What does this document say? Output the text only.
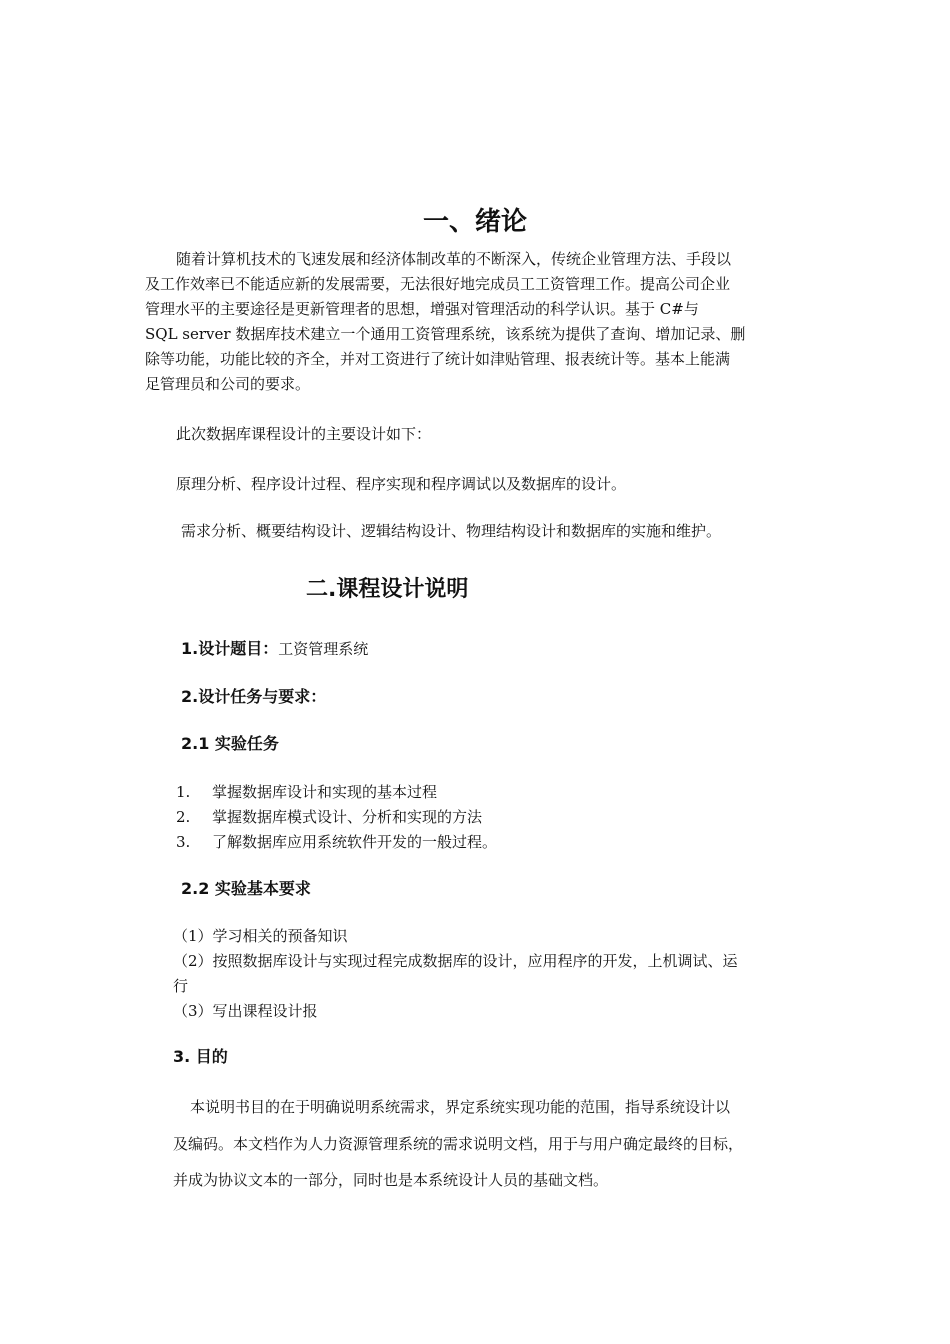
一、绪论
随着计算机技术的飞速发展和经济体制改革的不断深入，传统企业管理方法、手段以
及工作效率已不能适应新的发展需要，无法很好地完成员工工资管理工作。提高公司企业
管理水平的主要途径是更新管理者的思想，增强对管理活动的科学认识。基于 C#与
SQL server 数据库技术建立一个通用工资管理系统，该系统为提供了查询、增加记录、删
除等功能，功能比较的齐全，并对工资进行了统计如津贴管理、报表统计等。基本上能满
足管理员和公司的要求。
此次数据库课程设计的主要设计如下：
原理分析、程序设计过程、程序实现和程序调试以及数据库的设计。
需求分析、概要结构设计、逻辑结构设计、物理结构设计和数据库的实施和维护。
二.课程设计说明
1.设计题目：工资管理系统
2.设计任务与要求：
2.1 实验任务
1. 掌握数据库设计和实现的基本过程
2. 掌握数据库模式设计、分析和实现的方法
3. 了解数据库应用系统软件开发的一般过程。
2.2 实验基本要求
（1）学习相关的预备知识
（2）按照数据库设计与实现过程完成数据库的设计，应用程序的开发，上机调试、运
行
（3）写出课程设计报
3. 目的
本说明书目的在于明确说明系统需求，界定系统实现功能的范围，指导系统设计以
及编码。本文档作为人力资源管理系统的需求说明文档，用于与用户确定最终的目标，
并成为协议文本的一部分，同时也是本系统设计人员的基础文档。
